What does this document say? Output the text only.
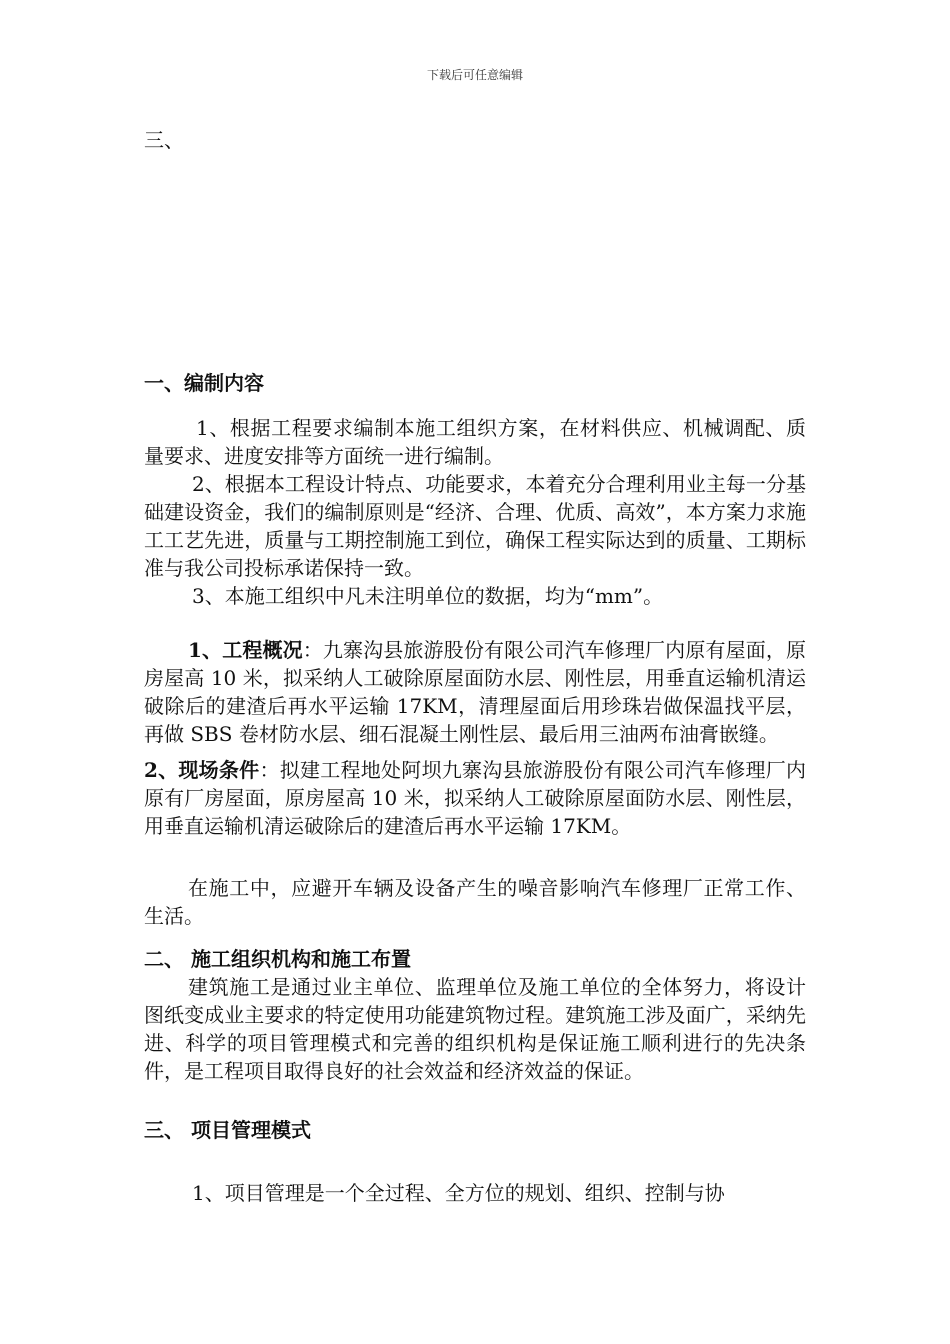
下载后可任意编辑
三、
一、编制内容

1、根据工程要求编制本施工组织方案，在材料供应、机械调配、质量要求、进度安排等方面统一进行编制。

2、根据本工程设计特点、功能要求，本着充分合理利用业主每一分基础建设资金，我们的编制原则是“经济、合理、优质、高效”，本方案力求施工工艺先进，质量与工期控制施工到位，确保工程实际达到的质量、工期标准与我公司投标承诺保持一致。

3、本施工组织中凡未注明单位的数据，均为“mm”。

1、工程概况：九寨沟县旅游股份有限公司汽车修理厂内原有屋面，原房屋高 10 米，拟采纳人工破除原屋面防水层、刚性层，用垂直运输机清运破除后的建渣后再水平运输 17KM，清理屋面后用珍珠岩做保温找平层，再做 SBS 卷材防水层、细石混凝土刚性层、最后用三油两布油膏嵌缝。

2、现场条件：拟建工程地处阿坝九寨沟县旅游股份有限公司汽车修理厂内原有厂房屋面，原房屋高 10 米，拟采纳人工破除原屋面防水层、刚性层，用垂直运输机清运破除后的建渣后再水平运输 17KM。

在施工中，应避开车辆及设备产生的噪音影响汽车修理厂正常工作、生活。

二、 施工组织机构和施工布置

建筑施工是通过业主单位、监理单位及施工单位的全体努力，将设计图纸变成业主要求的特定使用功能建筑物过程。建筑施工涉及面广，采纳先进、科学的项目管理模式和完善的组织机构是保证施工顺利进行的先决条件，是工程项目取得良好的社会效益和经济效益的保证。

三、 项目管理模式

1、项目管理是一个全过程、全方位的规划、组织、控制与协
